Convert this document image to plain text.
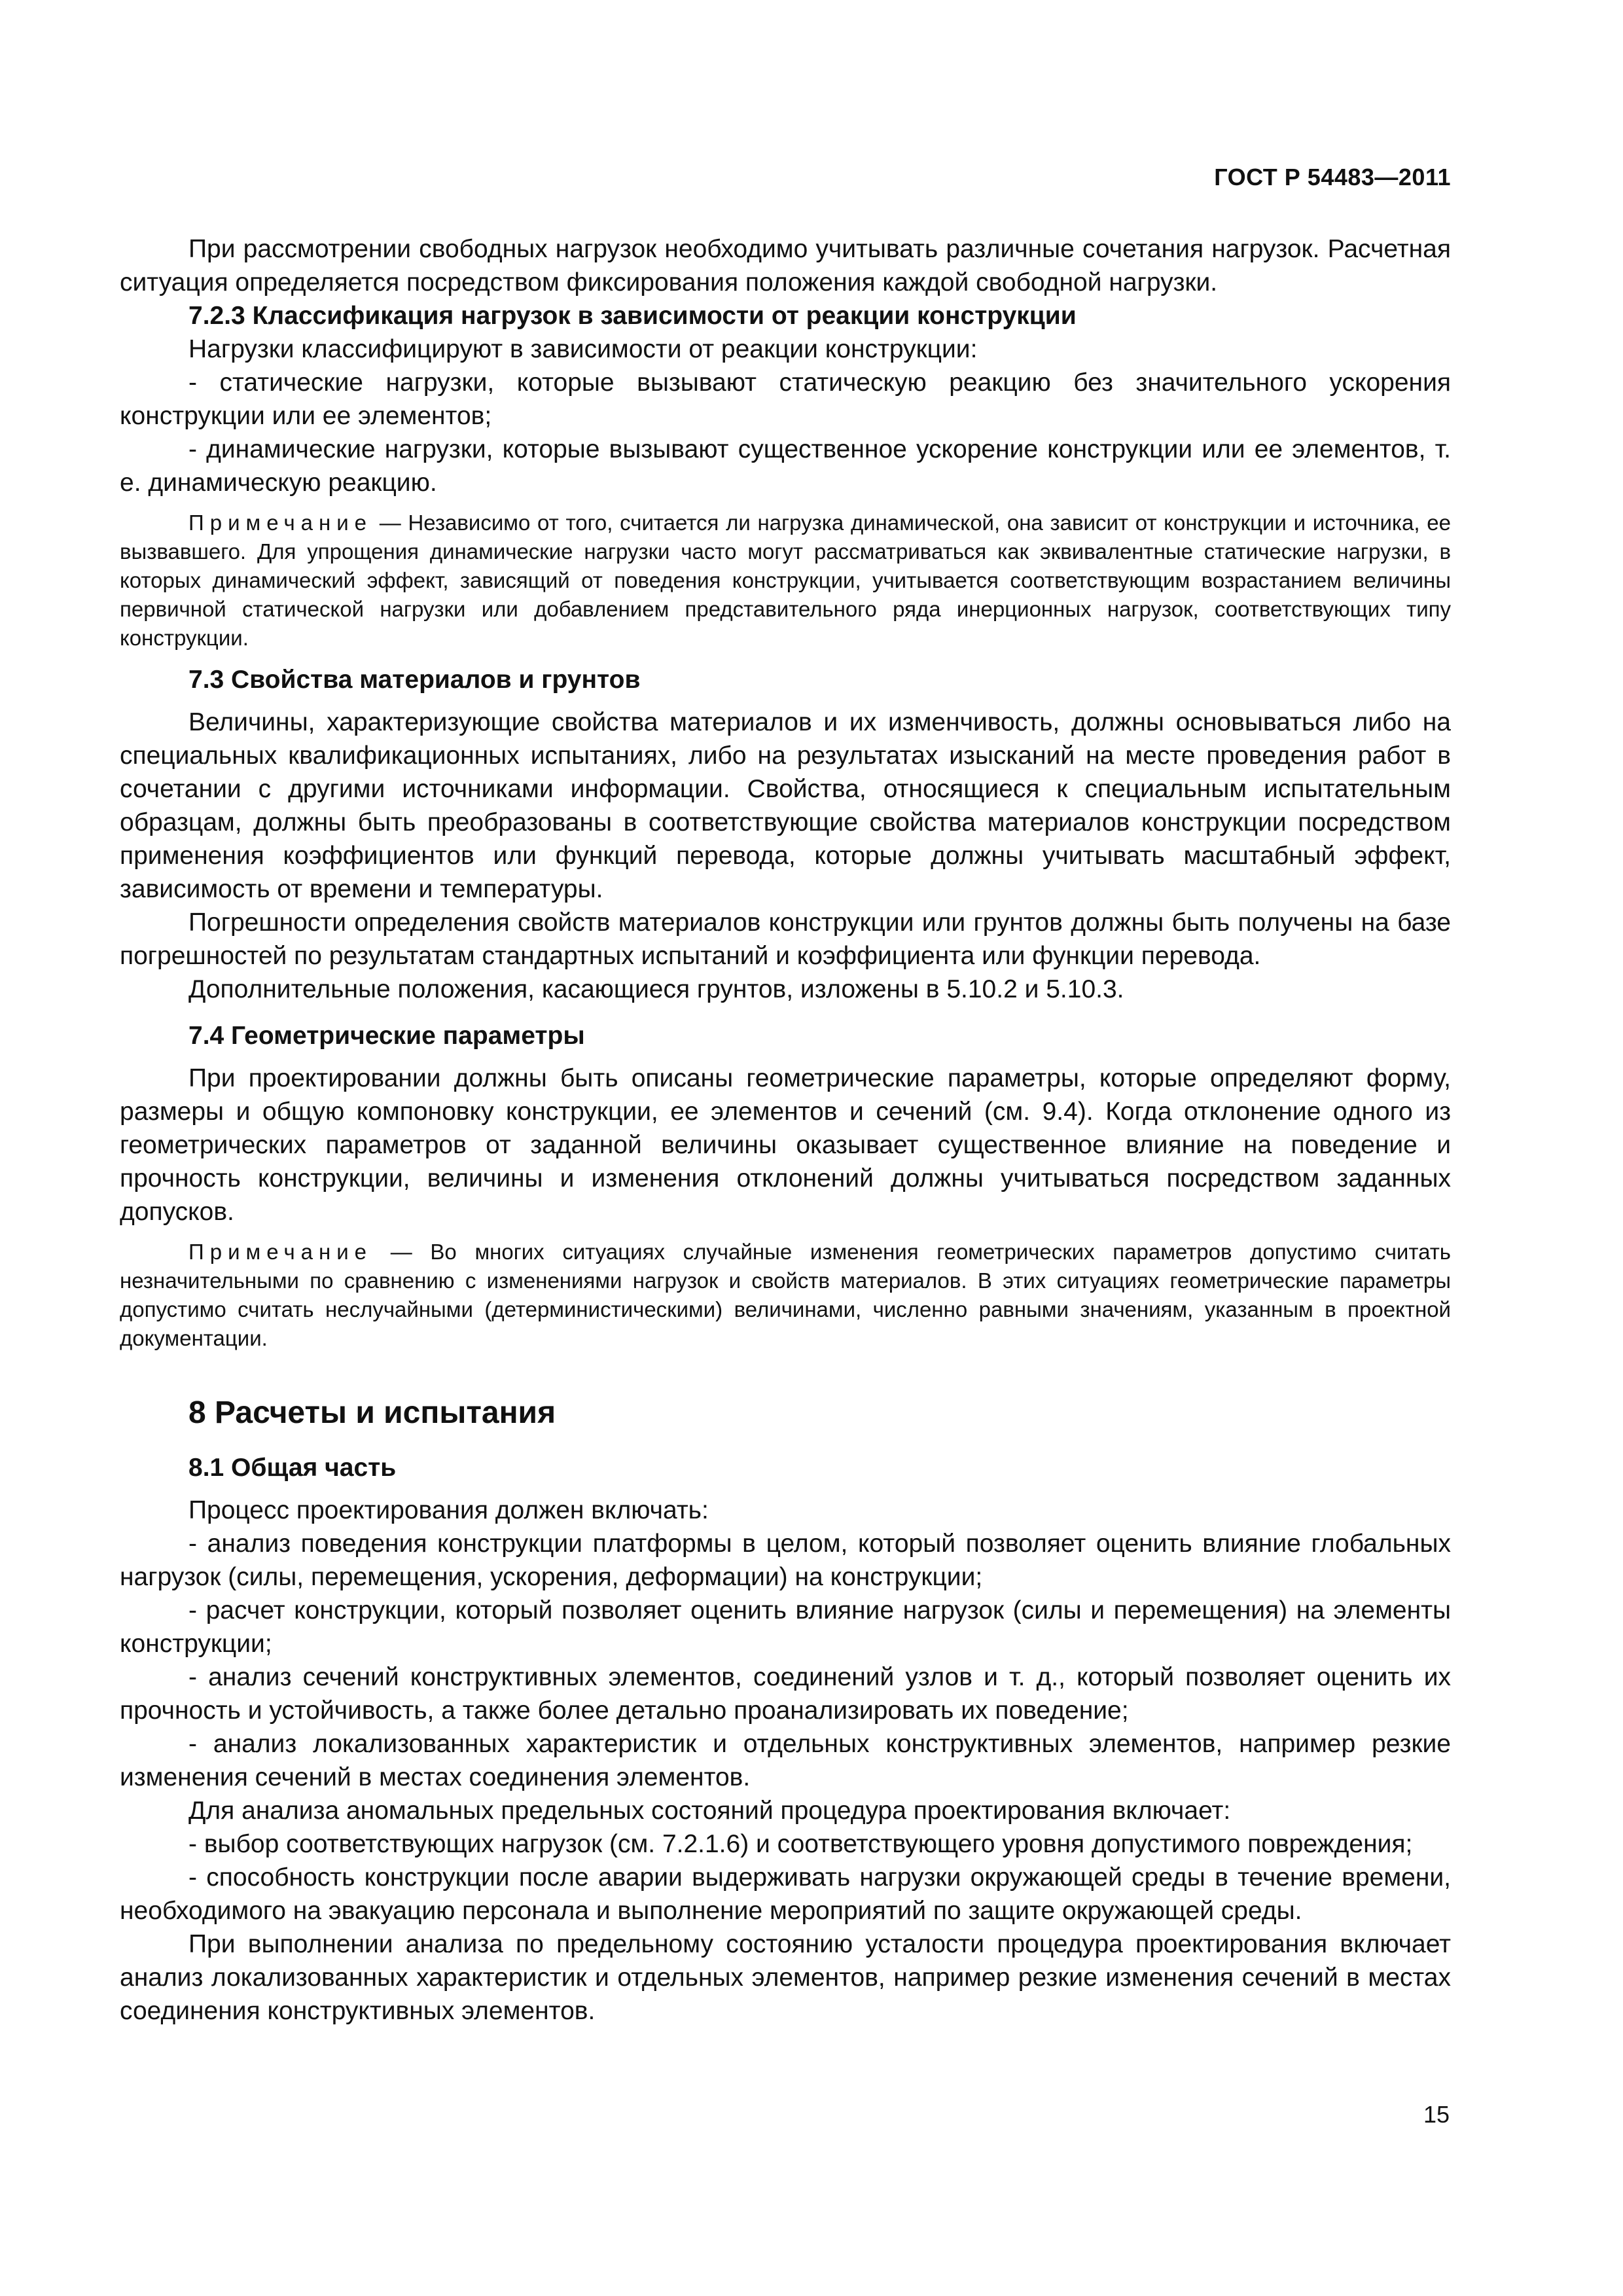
ГОСТ Р 54483—2011

При рассмотрении свободных нагрузок необходимо учитывать различные сочетания нагрузок. Расчетная ситуация определяется посредством фиксирования положения каждой свободной нагрузки.

7.2.3 Классификация нагрузок в зависимости от реакции конструкции

Нагрузки классифицируют в зависимости от реакции конструкции:

- статические нагрузки, которые вызывают статическую реакцию без значительного ускорения конструкции или ее элементов;

- динамические нагрузки, которые вызывают существенное ускорение конструкции или ее элементов, т. е. динамическую реакцию.

Примечание — Независимо от того, считается ли нагрузка динамической, она зависит от конструкции и источника, ее вызвавшего. Для упрощения динамические нагрузки часто могут рассматриваться как эквивалентные статические нагрузки, в которых динамический эффект, зависящий от поведения конструкции, учитывается соответствующим возрастанием величины первичной статической нагрузки или добавлением представительного ряда инерционных нагрузок, соответствующих типу конструкции.

7.3 Свойства материалов и грунтов

Величины, характеризующие свойства материалов и их изменчивость, должны основываться либо на специальных квалификационных испытаниях, либо на результатах изысканий на месте проведения работ в сочетании с другими источниками информации. Свойства, относящиеся к специальным испытательным образцам, должны быть преобразованы в соответствующие свойства материалов конструкции посредством применения коэффициентов или функций перевода, которые должны учитывать масштабный эффект, зависимость от времени и температуры.

Погрешности определения свойств материалов конструкции или грунтов должны быть получены на базе погрешностей по результатам стандартных испытаний и коэффициента или функции перевода.

Дополнительные положения, касающиеся грунтов, изложены в 5.10.2 и 5.10.3.

7.4 Геометрические параметры

При проектировании должны быть описаны геометрические параметры, которые определяют форму, размеры и общую компоновку конструкции, ее элементов и сечений (см. 9.4). Когда отклонение одного из геометрических параметров от заданной величины оказывает существенное влияние на поведение и прочность конструкции, величины и изменения отклонений должны учитываться посредством заданных допусков.

Примечание — Во многих ситуациях случайные изменения геометрических параметров допустимо считать незначительными по сравнению с изменениями нагрузок и свойств материалов. В этих ситуациях геометрические параметры допустимо считать неслучайными (детерминистическими) величинами, численно равными значениям, указанным в проектной документации.

8 Расчеты и испытания

8.1 Общая часть

Процесс проектирования должен включать:

- анализ поведения конструкции платформы в целом, который позволяет оценить влияние глобальных нагрузок (силы, перемещения, ускорения, деформации) на конструкции;

- расчет конструкции, который позволяет оценить влияние нагрузок (силы и перемещения) на элементы конструкции;

- анализ сечений конструктивных элементов, соединений узлов и т. д., который позволяет оценить их прочность и устойчивость, а также более детально проанализировать их поведение;

- анализ локализованных характеристик и отдельных конструктивных элементов, например резкие изменения сечений в местах соединения элементов.

Для анализа аномальных предельных состояний процедура проектирования включает:

- выбор соответствующих нагрузок (см. 7.2.1.6) и соответствующего уровня допустимого повреждения;

- способность конструкции после аварии выдерживать нагрузки окружающей среды в течение времени, необходимого на эвакуацию персонала и выполнение мероприятий по защите окружающей среды.

При выполнении анализа по предельному состоянию усталости процедура проектирования включает анализ локализованных характеристик и отдельных элементов, например резкие изменения сечений в местах соединения конструктивных элементов.

15
